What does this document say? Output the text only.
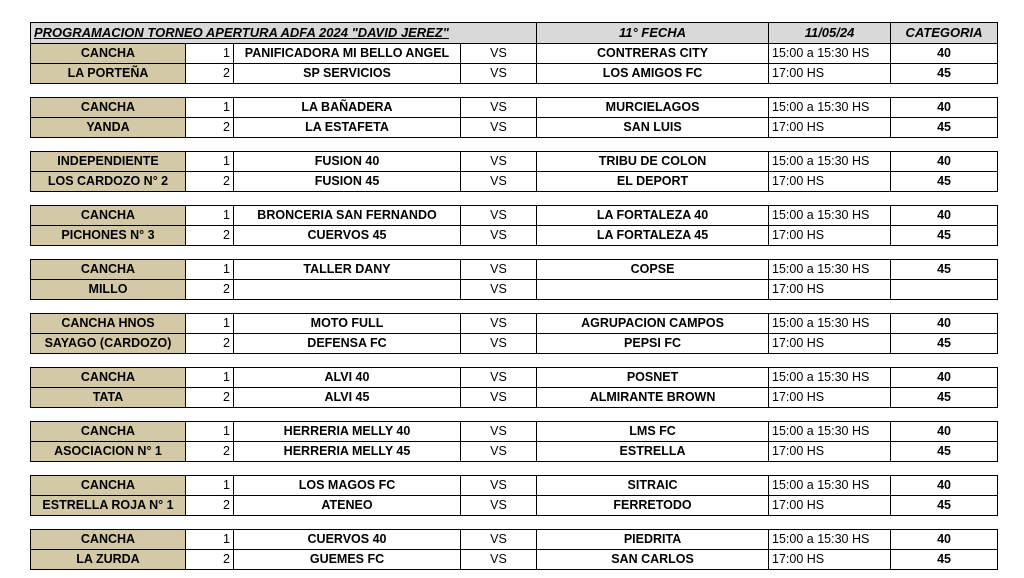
PROGRAMACION TORNEO APERTURA ADFA 2024 "DAVID JEREZ"				11° FECHA	11/05/24	CATEGORIA
CANCHA	1	PANIFICADORA MI BELLO ANGEL	VS	CONTRERAS CITY	15:00 a 15:30 HS	40
LA PORTEÑA	2	SP SERVICIOS	VS	LOS AMIGOS FC	17:00 HS	45

CANCHA	1	LA BAÑADERA	VS	MURCIELAGOS	15:00 a 15:30 HS	40
YANDA	2	LA ESTAFETA	VS	SAN LUIS	17:00 HS	45

INDEPENDIENTE	1	FUSION 40	VS	TRIBU DE COLON	15:00 a 15:30 HS	40
LOS CARDOZO N° 2	2	FUSION 45	VS	EL DEPORT	17:00 HS	45

CANCHA	1	BRONCERIA SAN FERNANDO	VS	LA FORTALEZA 40	15:00 a 15:30 HS	40
PICHONES N° 3	2	CUERVOS 45	VS	LA FORTALEZA 45	17:00 HS	45

CANCHA	1	TALLER DANY	VS	COPSE	15:00 a 15:30 HS	45
MILLO	2		VS		17:00 HS	

CANCHA HNOS	1	MOTO FULL	VS	AGRUPACION CAMPOS	15:00 a 15:30 HS	40
SAYAGO (CARDOZO)	2	DEFENSA FC	VS	PEPSI FC	17:00 HS	45

CANCHA	1	ALVI 40	VS	POSNET	15:00 a 15:30 HS	40
TATA	2	ALVI 45	VS	ALMIRANTE BROWN	17:00 HS	45

CANCHA	1	HERRERIA MELLY 40	VS	LMS FC	15:00 a 15:30 HS	40
ASOCIACION N° 1	2	HERRERIA MELLY 45	VS	ESTRELLA	17:00 HS	45

CANCHA	1	LOS MAGOS FC	VS	SITRAIC	15:00 a 15:30 HS	40
ESTRELLA ROJA N° 1	2	ATENEO	VS	FERRETODO	17:00 HS	45

CANCHA	1	CUERVOS 40	VS	PIEDRITA	15:00 a 15:30 HS	40
LA ZURDA	2	GUEMES FC	VS	SAN CARLOS	17:00 HS	45
